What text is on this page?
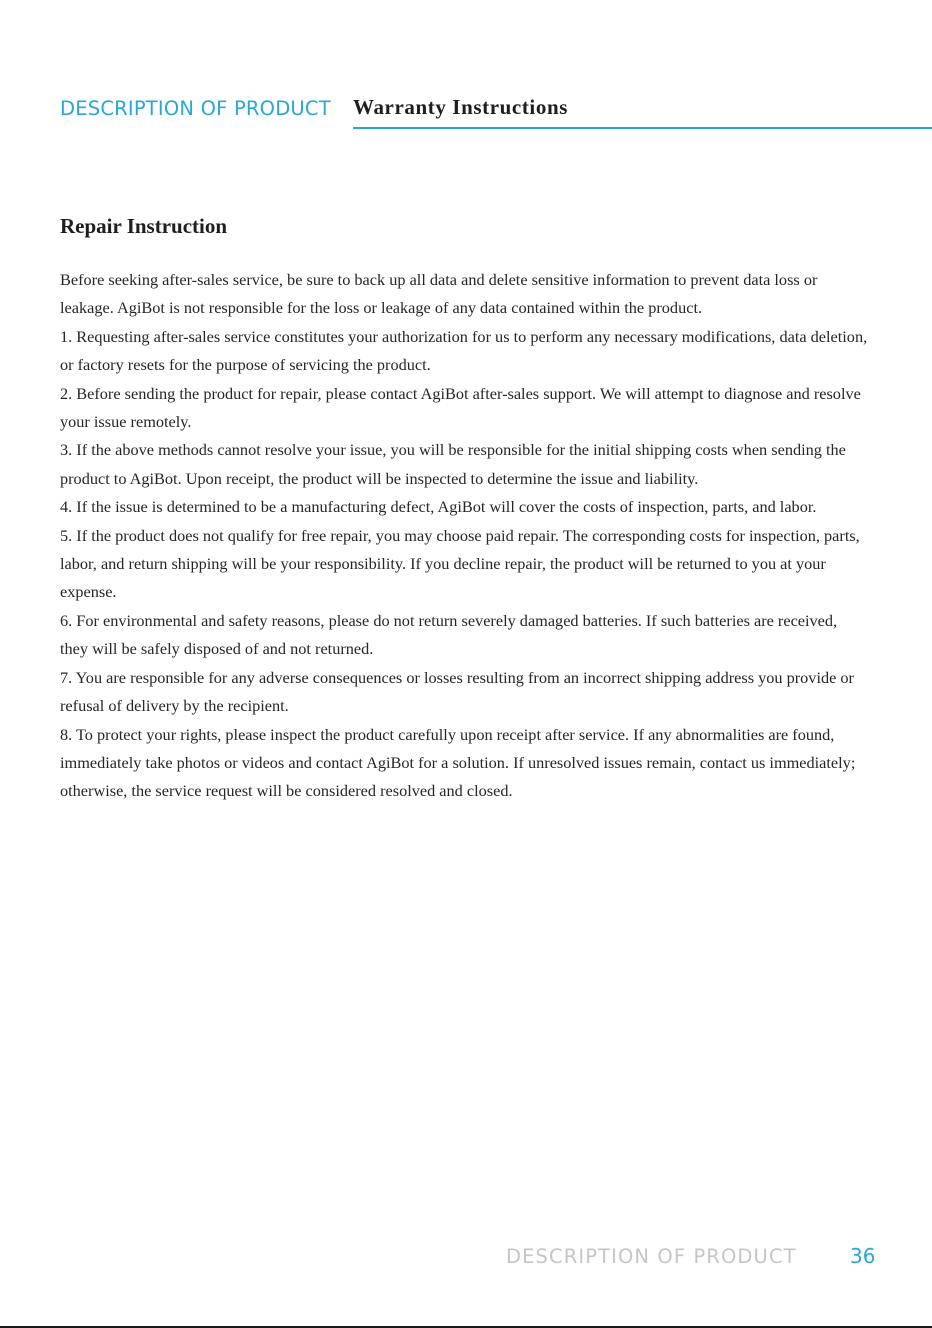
DESCRIPTION OF PRODUCT Warranty Instructions
Repair Instruction

Before seeking after-sales service, be sure to back up all data and delete sensitive information to prevent data loss or leakage. AgiBot is not responsible for the loss or leakage of any data contained within the product.

1. Requesting after-sales service constitutes your authorization for us to perform any necessary modifications, data deletion, or factory resets for the purpose of servicing the product.

2. Before sending the product for repair, please contact AgiBot after-sales support. We will attempt to diagnose and resolve your issue remotely.

3. If the above methods cannot resolve your issue, you will be responsible for the initial shipping costs when sending the product to AgiBot. Upon receipt, the product will be inspected to determine the issue and liability.

4. If the issue is determined to be a manufacturing defect, AgiBot will cover the costs of inspection, parts, and labor.

5. If the product does not qualify for free repair, you may choose paid repair. The corresponding costs for inspection, parts, labor, and return shipping will be your responsibility. If you decline repair, the product will be returned to you at your expense.

6. For environmental and safety reasons, please do not return severely damaged batteries. If such batteries are received, they will be safely disposed of and not returned.

7. You are responsible for any adverse consequences or losses resulting from an incorrect shipping address you provide or refusal of delivery by the recipient.

8. To protect your rights, please inspect the product carefully upon receipt after service. If any abnormalities are found, immediately take photos or videos and contact AgiBot for a solution. If unresolved issues remain, contact us immediately; otherwise, the service request will be considered resolved and closed.

DESCRIPTION OF PRODUCT	36
